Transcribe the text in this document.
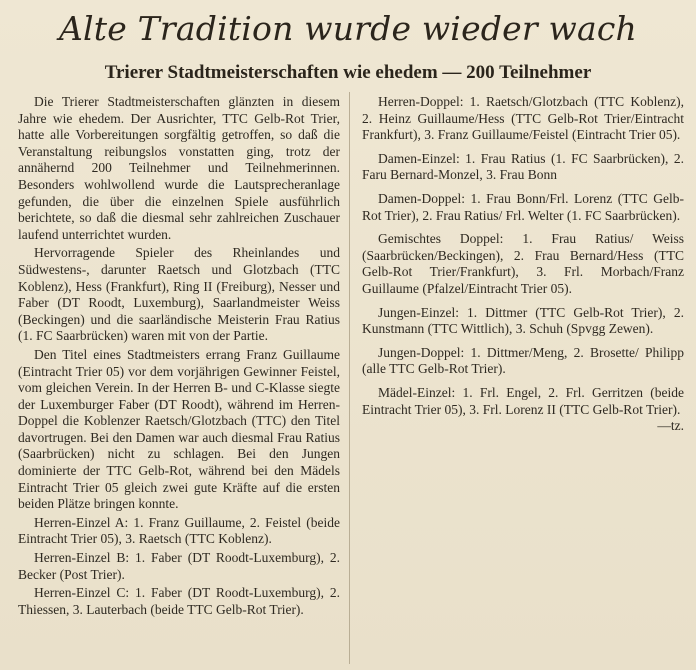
Alte Tradition wurde wieder wach
Trierer Stadtmeisterschaften wie ehedem — 200 Teilnehmer

Die Trierer Stadtmeisterschaften glänzten in diesem Jahre wie ehedem. Der Ausrichter, TTC Gelb-Rot Trier, hatte alle Vorbereitungen sorgfältig getroffen, so daß die Veranstaltung reibungslos vonstatten ging, trotz der annähernd 200 Teilnehmer und Teilnehmerinnen. Besonders wohlwollend wurde die Lautsprecheranlage gefunden, die über die einzelnen Spiele ausführlich berichtete, so daß die diesmal sehr zahlreichen Zuschauer laufend unterrichtet wurden.

Hervorragende Spieler des Rheinlandes und Südwestens-, darunter Raetsch und Glotzbach (TTC Koblenz), Hess (Frankfurt), Ring II (Freiburg), Nesser und Faber (DT Roodt, Luxemburg), Saarlandmeister Weiss (Beckingen) und die saarländische Meisterin Frau Ratius (1. FC Saarbrücken) waren mit von der Partie.

Den Titel eines Stadtmeisters errang Franz Guillaume (Eintracht Trier 05) vor dem vorjährigen Gewinner Feistel, vom gleichen Verein. In der Herren B- und C-Klasse siegte der Luxemburger Faber (DT Roodt), während im Herren-Doppel die Koblenzer Raetsch/Glotzbach (TTC) den Titel davortrugen. Bei den Damen war auch diesmal Frau Ratius (Saarbrücken) nicht zu schlagen. Bei den Jungen dominierte der TTC Gelb-Rot, während bei den Mädels Eintracht Trier 05 gleich zwei gute Kräfte auf die ersten beiden Plätze bringen konnte.

Herren-Einzel A: 1. Franz Guillaume, 2. Feistel (beide Eintracht Trier 05), 3. Raetsch (TTC Koblenz).

Herren-Einzel B: 1. Faber (DT Roodt-Luxemburg), 2. Becker (Post Trier).

Herren-Einzel C: 1. Faber (DT Roodt-Luxemburg), 2. Thiessen, 3. Lauterbach (beide TTC Gelb-Rot Trier).

Herren-Doppel: 1. Raetsch/Glotzbach (TTC Koblenz), 2. Heinz Guillaume/Hess (TTC Gelb-Rot Trier/Eintracht Frankfurt), 3. Franz Guillaume/Feistel (Eintracht Trier 05).

Damen-Einzel: 1. Frau Ratius (1. FC Saarbrücken), 2. Faru Bernard-Monzel, 3. Frau Bonn

Damen-Doppel: 1. Frau Bonn/Frl. Lorenz (TTC Gelb-Rot Trier), 2. Frau Ratius/ Frl. Welter (1. FC Saarbrücken).

Gemischtes Doppel: 1. Frau Ratius/ Weiss (Saarbrücken/Beckingen), 2. Frau Bernard/Hess (TTC Gelb-Rot Trier/Frankfurt), 3. Frl. Morbach/Franz Guillaume (Pfalzel/Eintracht Trier 05).

Jungen-Einzel: 1. Dittmer (TTC Gelb-Rot Trier), 2. Kunstmann (TTC Wittlich), 3. Schuh (Spvgg Zewen).

Jungen-Doppel: 1. Dittmer/Meng, 2. Brosette/ Philipp (alle TTC Gelb-Rot Trier).

Mädel-Einzel: 1. Frl. Engel, 2. Frl. Gerritzen (beide Eintracht Trier 05), 3. Frl. Lorenz II (TTC Gelb-Rot Trier).

—tz.
